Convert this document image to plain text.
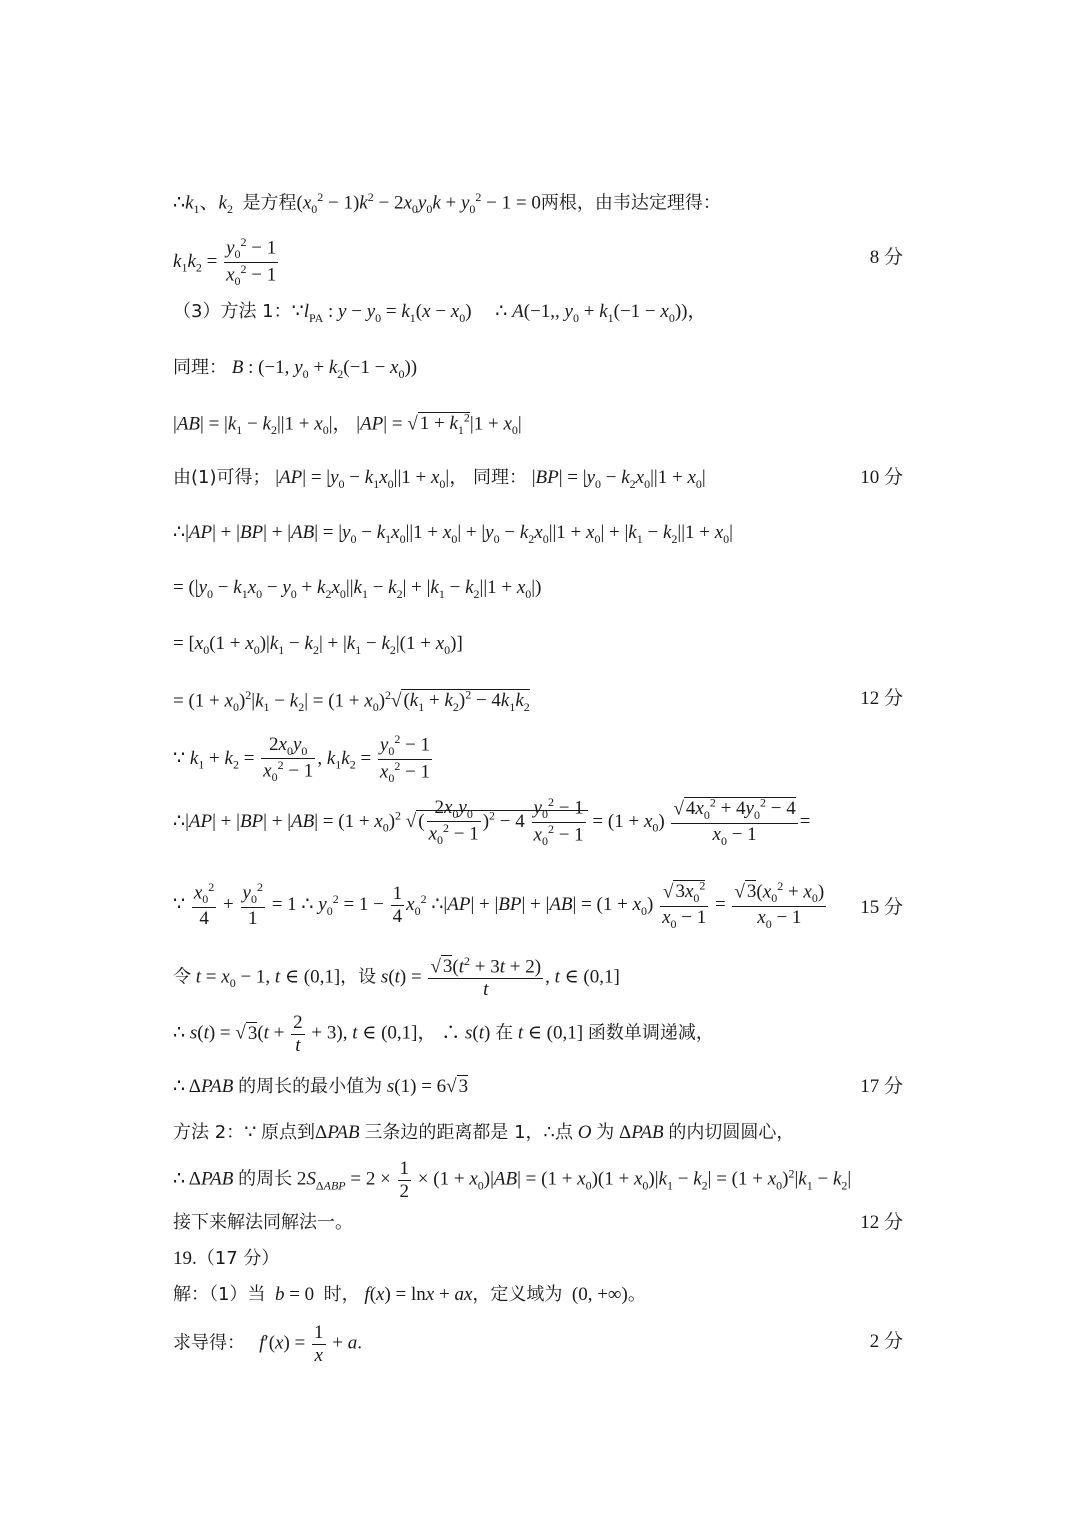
$\therefore k_1$、$k_2$ 是方程$(x_0^2 - 1)k^2 - 2x_0y_0k + y_0^2 - 1 = 0$两根，由韦达定理得：
$k_1k_2 = \frac{y_0^2 - 1}{x_0^2 - 1}$	8 分
（3）方法 1：$\because l_{PA}$ : $y - y_0 = k_1(x - x_0)$     ∴ A(−1,, $y_0 + k_1(-1 - x_0)$)，
同理： B : (−1, $y_0 + k_2(-1 - x_0)$)
$|AB| = |k_1 - k_2||1 + x_0|$， |AP| = √ $1 + k_1^2|1 + x_0|$
由(1)可得； $|AP| = |y_0 - k_1x_0||1 + x_0|$， 同理： $|BP| = |y_0 - k_2x_0||1 + x_0|$	10 分
∴|AP| + $|BP| + |AB| = |y_0 - k_1x_0||1 + x_0| + |y_0 - k_2x_0||1 + x_0| + |k_1 - k_2||1 + x_0|$
= $(|y_0 - k_1x_0 - y_0 + k_2x_0||k_1 - k_2| + |k_1 - k_2||1 + x_0|)$
= $[x_0(1 + x_0)|k_1 - k_2| + |k_1 - k_2|(1 + x_0)]$
= $(1 + x_0)^2|k_1 - k_2| = (1 + x_0)^2√$ $(k_1 + k_2)^2 - 4k_1k_2$	12 分
∵ $k_1 + k_2 = \frac{2x_0y_0}{x_0^2 - 1}$ , $k_1k_2 = \frac{y_0^2 - 1}{x_0^2 - 1}$
∴|AP| + $|BP| + |AB| = (1 + x_0)^2$ √ ( $\frac{2x_0y_0}{x_0^2 - 1} )^2 - 4 \frac{y_0^2 - 1}{x_0^2 - 1} = (1 + x_0) \frac{√ 4x_0^2 + 4y_0^2 - 4}{x_0 - 1}$ =
∵ $\frac{x_0^2}{4} + \frac{y_0^2}{1} = 1$ ∴ $y_0^2 = 1 - \frac{1}{4} x_0^2$ ∴|AP| + $|BP| + |AB| = (1 + x_0) \frac{√ 3x_0^2}{x_0 - 1} = \frac{√ 3(x_0^2 + x_0)}{x_0 - 1} 15$ 分
令 $t = x_0 - 1$, t ∈ (0,1]，设 $s(t) = \frac{√ 3(t^2 + 3t + 2)}{t}$ , t ∈ (0,1]
∴ s(t) = √ $3(t + \frac{2}{t} + 3)$, t ∈ (0,1]， ∴ s(t) 在 t ∈ (0,1] 函数单调递减，
∴ ΔPAB 的周长的最小值为 s(1) = 6√ 3	17 分
方法 2：∵ 原点到ΔPAB 三条边的距离都是 1，∴点 O 为 ΔPAB 的内切圆圆心，
∴ ΔPAB 的周长 $2S_{\Delta ABP} = 2 \times \frac{1}{2} \times (1 + x_0)|AB| = (1 + x_0)(1 + x_0)|k_1 - k_2| = (1 + x_0)^2|k_1 - k_2|$
接下来解法同解法一。	12 分
19.（17 分）
解：（1）当 b = 0  时， f(x) = lnx + ax，定义域为  (0, +∞)。
求导得： $f'(x) = \frac{1}{x} + a$.	2 分
